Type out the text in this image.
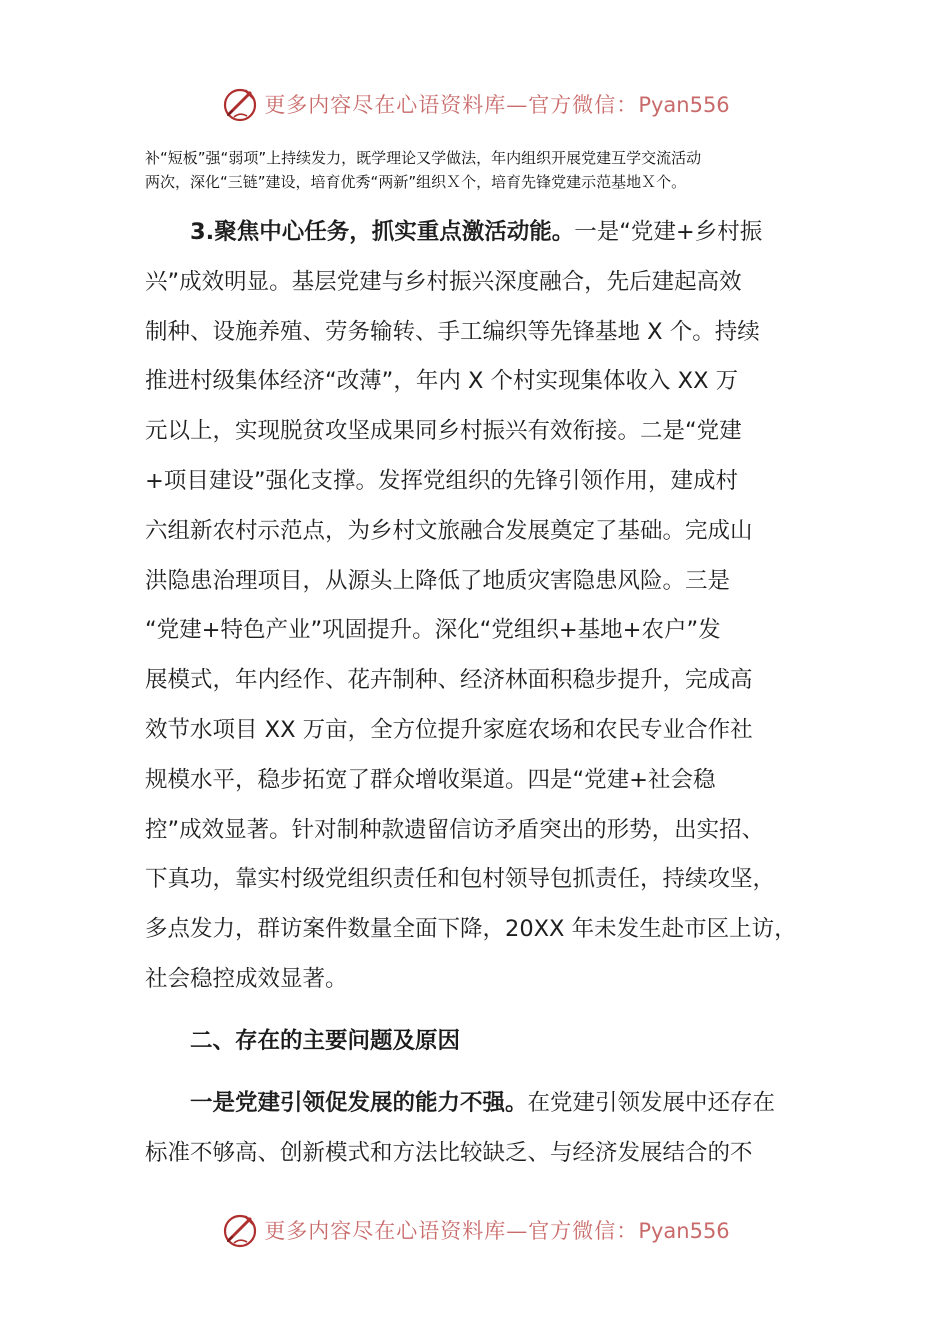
更多内容尽在心语资料库—官方微信：Pyan556

补“短板”强“弱项”上持续发力，既学理论又学做法，年内组织开展党建互学交流活动
两次，深化“三链”建设，培育优秀“两新”组织Ｘ个，培育先锋党建示范基地Ｘ个。

3.聚焦中心任务，抓实重点激活动能。一是“党建+乡村振
兴”成效明显。基层党建与乡村振兴深度融合，先后建起高效
制种、设施养殖、劳务输转、手工编织等先锋基地 X 个。持续
推进村级集体经济“改薄”，年内 X 个村实现集体收入 XX 万
元以上，实现脱贫攻坚成果同乡村振兴有效衔接。二是“党建
+项目建设”强化支撑。发挥党组织的先锋引领作用，建成村
六组新农村示范点，为乡村文旅融合发展奠定了基础。完成山
洪隐患治理项目，从源头上降低了地质灾害隐患风险。三是
“党建+特色产业”巩固提升。深化“党组织+基地+农户”发
展模式，年内经作、花卉制种、经济林面积稳步提升，完成高
效节水项目 XX 万亩，全方位提升家庭农场和农民专业合作社
规模水平，稳步拓宽了群众增收渠道。四是“党建+社会稳
控”成效显著。针对制种款遗留信访矛盾突出的形势，出实招、
下真功，靠实村级党组织责任和包村领导包抓责任，持续攻坚，
多点发力，群访案件数量全面下降，20XX 年未发生赴市区上访，
社会稳控成效显著。

二、存在的主要问题及原因

一是党建引领促发展的能力不强。在党建引领发展中还存在
标准不够高、创新模式和方法比较缺乏、与经济发展结合的不

更多内容尽在心语资料库—官方微信：Pyan556
